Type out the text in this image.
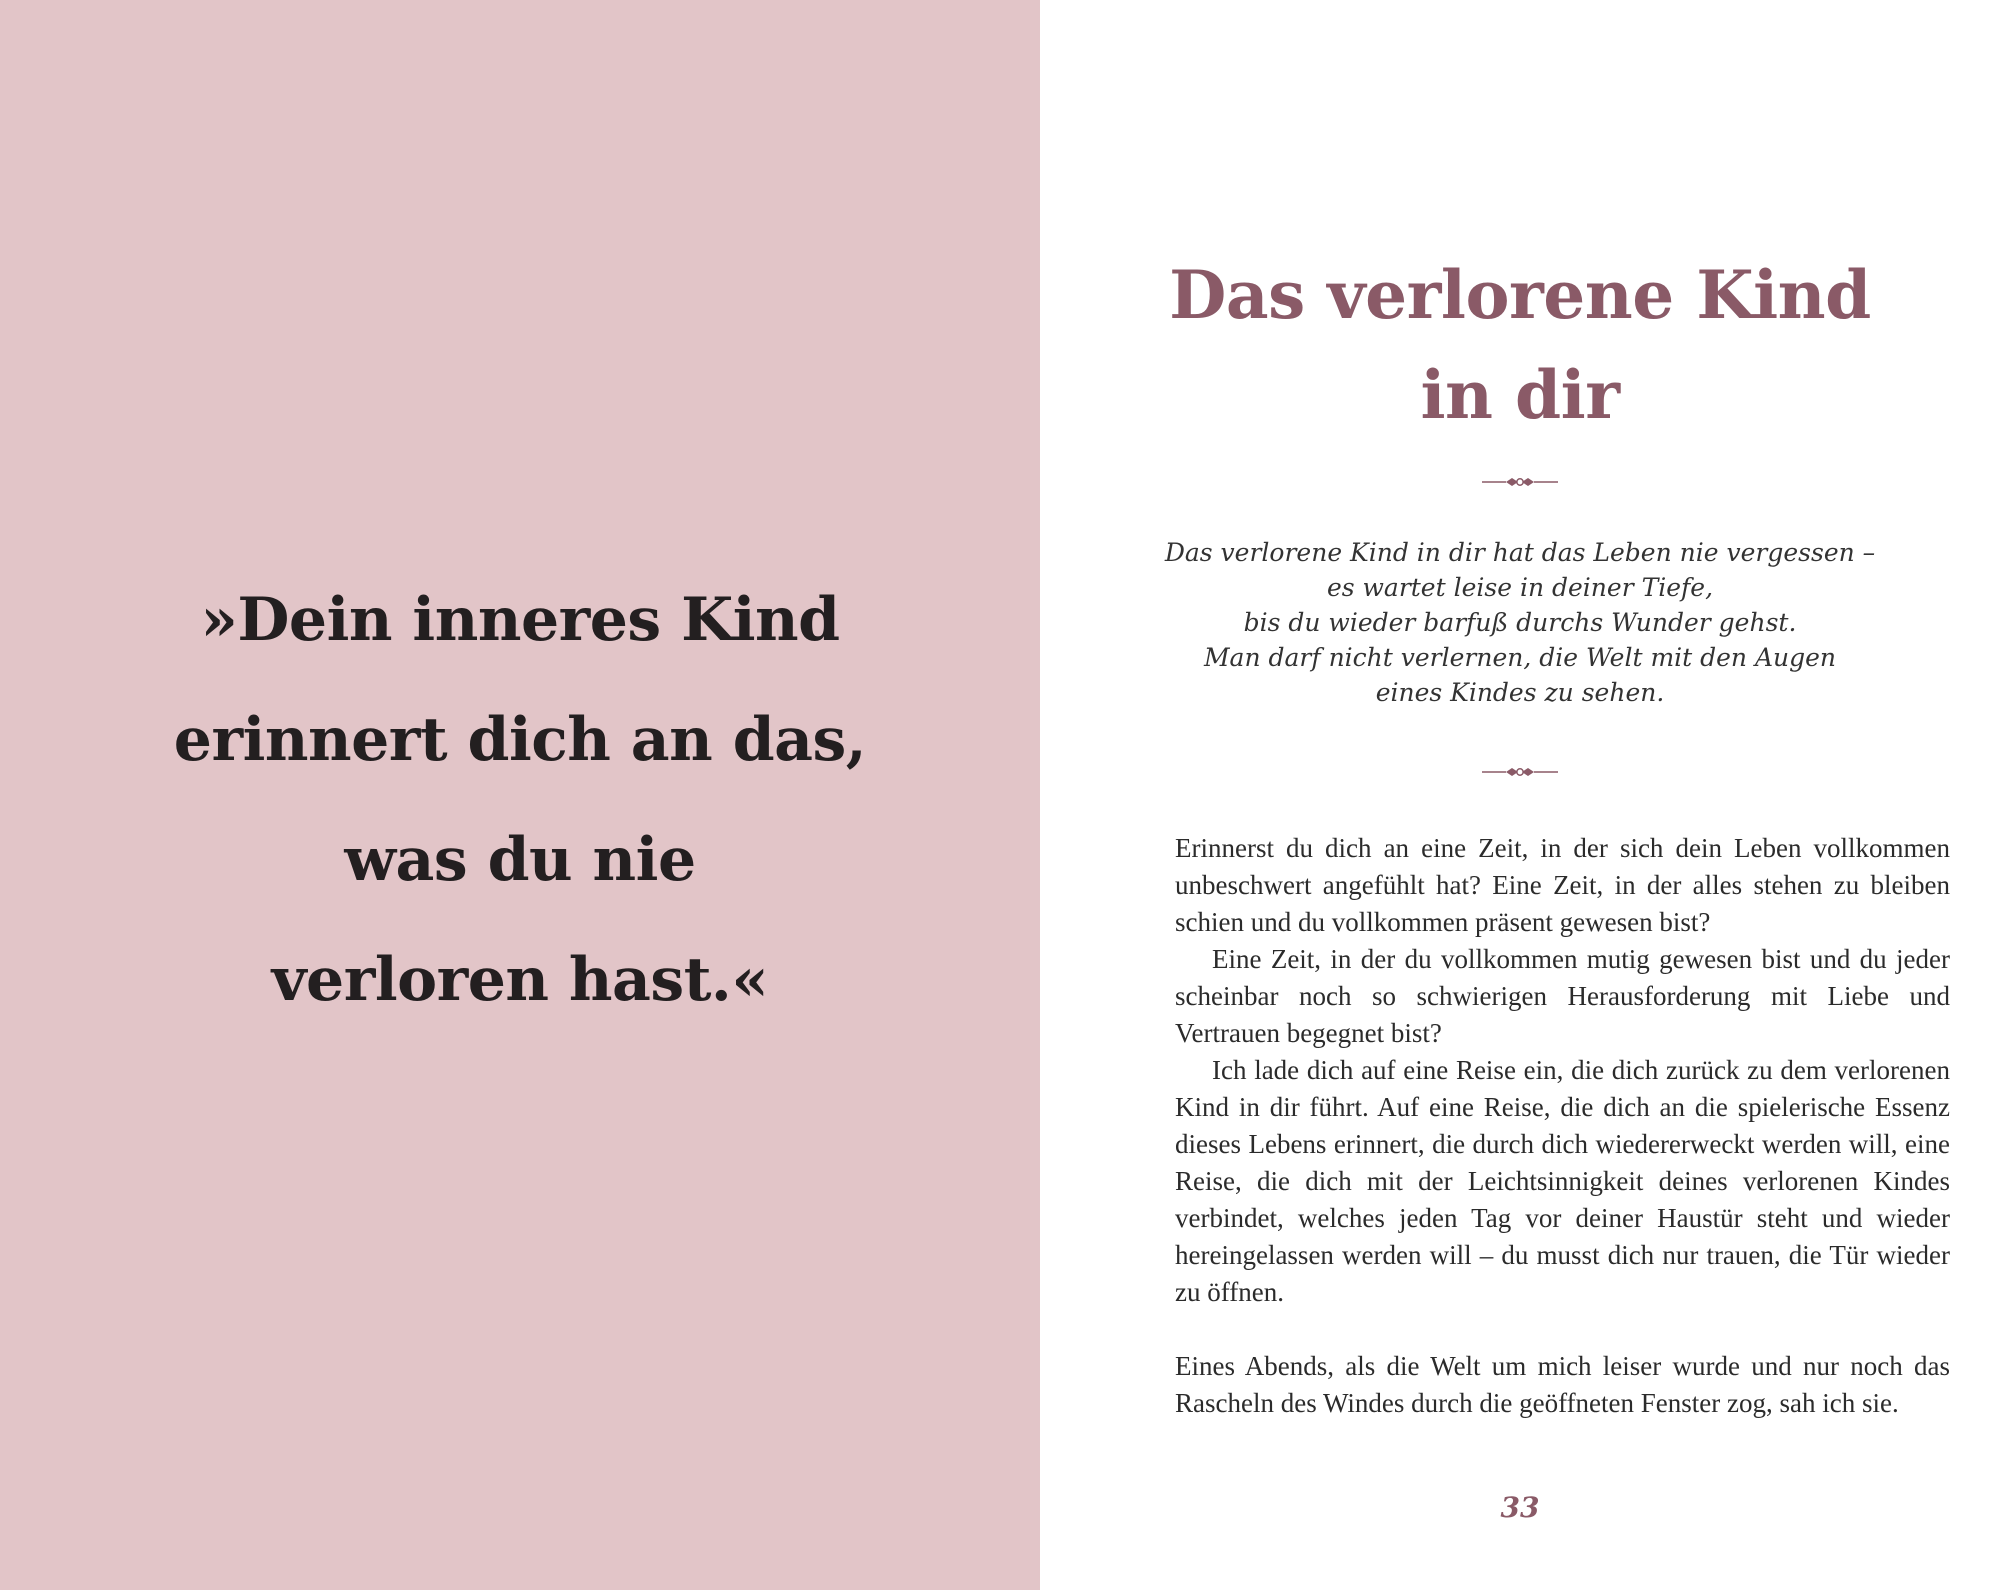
»Dein inneres Kind
erinnert dich an das,
was du nie
verloren hast.«
Das verlorene Kind
in dir
Das verlorene Kind in dir hat das Leben nie vergessen –
es wartet leise in deiner Tiefe,
bis du wieder barfuß durchs Wunder gehst.
Man darf nicht verlernen, die Welt mit den Augen
eines Kindes zu sehen.

Erinnerst du dich an eine Zeit, in der sich dein Leben vollkommen unbeschwert angefühlt hat? Eine Zeit, in der alles stehen zu bleiben schien und du vollkommen präsent gewesen bist?

Eine Zeit, in der du vollkommen mutig gewesen bist und du jeder scheinbar noch so schwierigen Herausforderung mit Liebe und Vertrauen begegnet bist?

Ich lade dich auf eine Reise ein, die dich zurück zu dem verlorenen Kind in dir führt. Auf eine Reise, die dich an die spielerische Essenz dieses Lebens erinnert, die durch dich wiedererweckt werden will, eine Reise, die dich mit der Leichtsinnigkeit deines verlorenen Kindes verbindet, welches jeden Tag vor deiner Haustür steht und wieder hereingelassen werden will – du musst dich nur trauen, die Tür wieder zu öffnen.

Eines Abends, als die Welt um mich leiser wurde und nur noch das Rascheln des Windes durch die geöffneten Fenster zog, sah ich sie.

33
